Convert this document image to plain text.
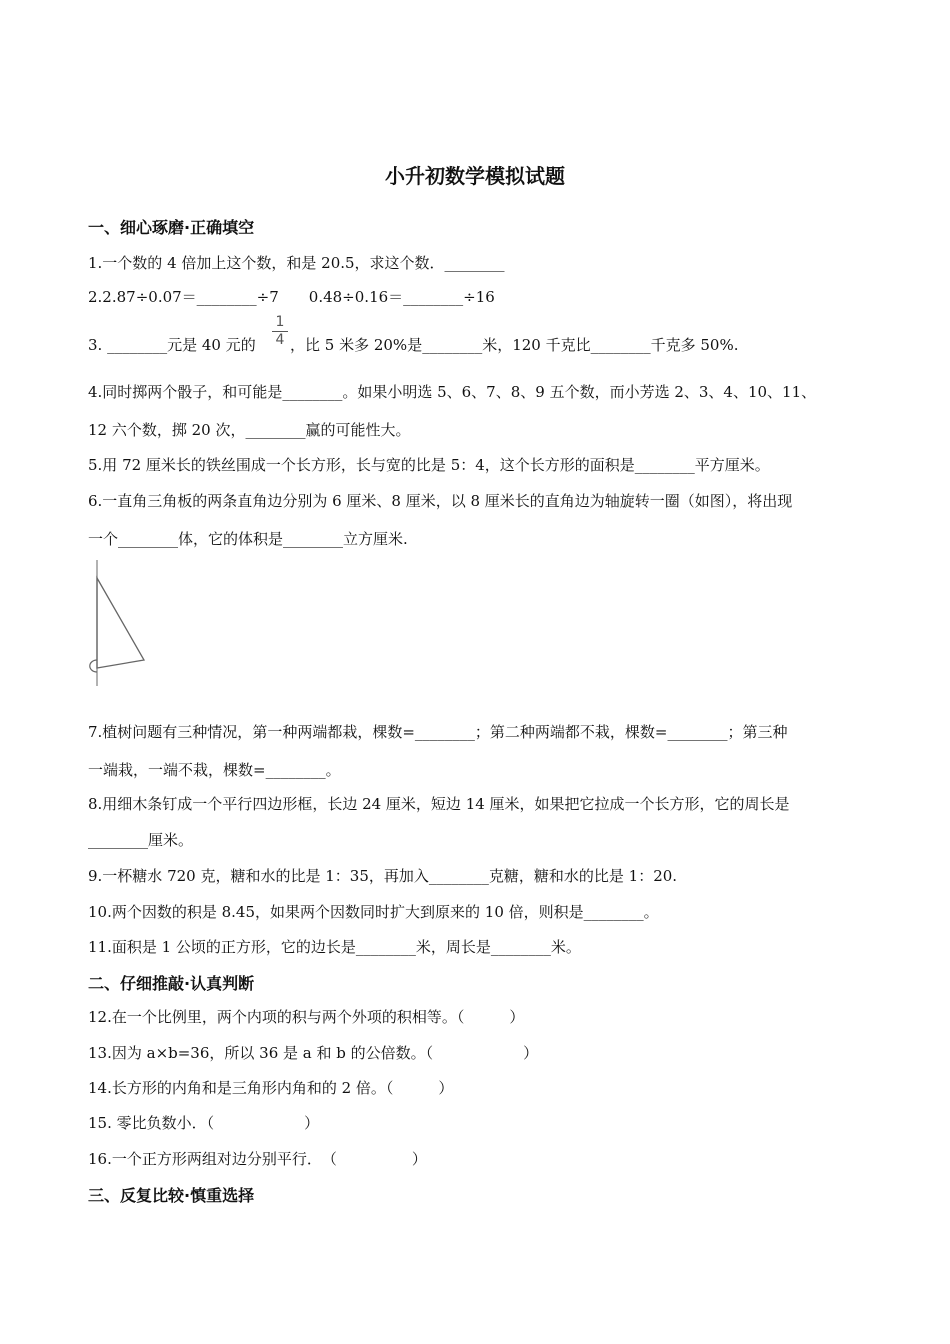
小升初数学模拟试题
一、细心琢磨·正确填空
1.一个数的 4 倍加上这个数，和是 20.5，求这个数．________
2.2.87÷0.07＝________÷7　　0.48÷0.16＝________÷16
3. ________元是 40 元的
1
4 ，比 5 米多 20%是________米，120 千克比________千克多 50%.
4.同时掷两个骰子，和可能是________。如果小明选 5、6、7、8、9 五个数，而小芳选 2、3、4、10、11、
12 六个数，掷 20 次，________赢的可能性大。
5.用 72 厘米长的铁丝围成一个长方形，长与宽的比是 5：4，这个长方形的面积是________平方厘米。
6.一直角三角板的两条直角边分别为 6 厘米、8 厘米，以 8 厘米长的直角边为轴旋转一圈（如图），将出现
一个________体，它的体积是________立方厘米.
7.植树问题有三种情况，第一种两端都栽，棵数=________；第二种两端都不栽，棵数=________；第三种
一端栽，一端不栽，棵数=________。
8.用细木条钉成一个平行四边形框，长边 24 厘米，短边 14 厘米，如果把它拉成一个长方形，它的周长是
________厘米。
9.一杯糖水 720 克，糖和水的比是 1：35，再加入________克糖，糖和水的比是 1：20.
10.两个因数的积是 8.45，如果两个因数同时扩大到原来的 10 倍，则积是________。
11.面积是 1 公顷的正方形，它的边长是________米，周长是________米。
二、仔细推敲·认真判断
12.在一个比例里，两个内项的积与两个外项的积相等。（　　　）
13.因为 a×b=36，所以 36 是 a 和 b 的公倍数。（　　　　　　）
14.长方形的内角和是三角形内角和的 2 倍。（　　　）
15. 零比负数小．（　　　　　　）
16.一个正方形两组对边分别平行．　（　　　　　）
三、反复比较·慎重选择
